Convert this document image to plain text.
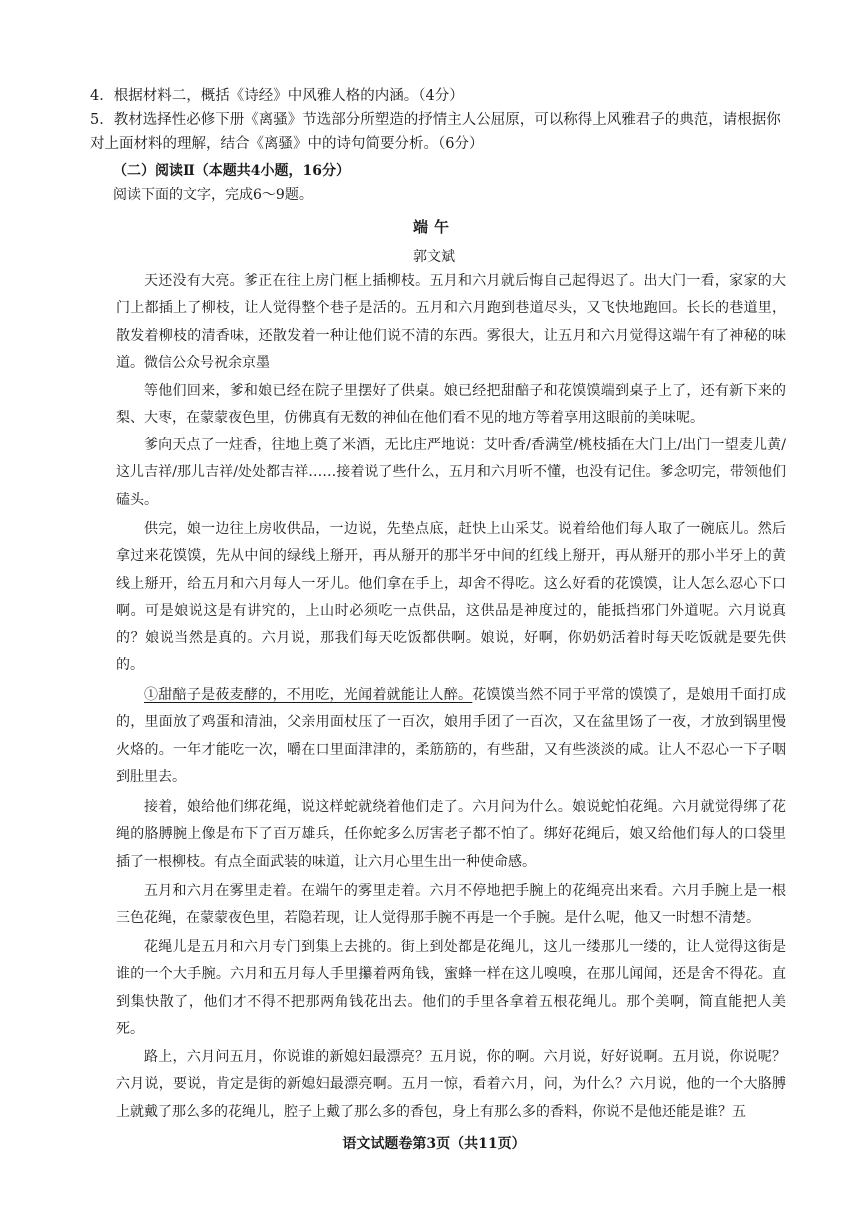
4．根据材料二，概括《诗经》中风雅人格的内涵。（4分）
5．教材选择性必修下册《离骚》节选部分所塑造的抒情主人公屈原，可以称得上风雅君子的典范，请根据你对上面材料的理解，结合《离骚》中的诗句简要分析。（6分）
（二）阅读Ⅱ（本题共4小题，16分）
阅读下面的文字，完成6～9题。
端午
郭文斌
天还没有大亮。爹正在往上房门框上插柳枝。五月和六月就后悔自己起得迟了。出大门一看，家家的大门上都插上了柳枝，让人觉得整个巷子是活的。五月和六月跑到巷道尽头，又飞快地跑回。长长的巷道里，散发着柳枝的清香味，还散发着一种让他们说不清的东西。雾很大，让五月和六月觉得这端午有了神秘的味道。微信公众号祝余京墨
等他们回来，爹和娘已经在院子里摆好了供桌。娘已经把甜醅子和花馍馍端到桌子上了，还有新下来的梨、大枣，在蒙蒙夜色里，仿佛真有无数的神仙在他们看不见的地方等着享用这眼前的美味呢。
爹向天点了一炷香，往地上奠了米酒，无比庄严地说：艾叶香/香满堂/桃枝插在大门上/出门一望麦儿黄/这儿吉祥/那儿吉祥/处处都吉祥……接着说了些什么，五月和六月听不懂，也没有记住。爹念叨完，带领他们磕头。
供完，娘一边往上房收供品，一边说，先垫点底，赶快上山采艾。说着给他们每人取了一碗底儿。然后拿过来花馍馍，先从中间的绿线上掰开，再从掰开的那半牙中间的红线上掰开，再从掰开的那小半牙上的黄线上掰开，给五月和六月每人一牙儿。他们拿在手上，却舍不得吃。这么好看的花馍馍，让人怎么忍心下口啊。可是娘说这是有讲究的，上山时必须吃一点供品，这供品是神度过的，能抵挡邪门外道呢。六月说真的？娘说当然是真的。六月说，那我们每天吃饭都供啊。娘说，好啊，你奶奶活着时每天吃饭就是要先供的。
①甜醅子是莜麦酵的，不用吃，光闻着就能让人醉。花馍馍当然不同于平常的馍馍了，是娘用千面打成的，里面放了鸡蛋和清油，父亲用面杖压了一百次，娘用手团了一百次，又在盆里饧了一夜，才放到锅里慢火烙的。一年才能吃一次，嚼在口里面津津的，柔筋筋的，有些甜，又有些淡淡的咸。让人不忍心一下子咽到肚里去。
接着，娘给他们绑花绳，说这样蛇就绕着他们走了。六月问为什么。娘说蛇怕花绳。六月就觉得绑了花绳的胳膊腕上像是布下了百万雄兵，任你蛇多么厉害老子都不怕了。绑好花绳后，娘又给他们每人的口袋里插了一根柳枝。有点全面武装的味道，让六月心里生出一种使命感。
五月和六月在雾里走着。在端午的雾里走着。六月不停地把手腕上的花绳亮出来看。六月手腕上是一根三色花绳，在蒙蒙夜色里，若隐若现，让人觉得那手腕不再是一个手腕。是什么呢，他又一时想不清楚。
花绳儿是五月和六月专门到集上去挑的。街上到处都是花绳儿，这儿一缕那儿一缕的，让人觉得这街是谁的一个大手腕。六月和五月每人手里攥着两角钱，蜜蜂一样在这儿嗅嗅，在那儿闻闻，还是舍不得花。直到集快散了，他们才不得不把那两角钱花出去。他们的手里各拿着五根花绳儿。那个美啊，简直能把人美死。
路上，六月问五月，你说谁的新媳妇最漂亮？五月说，你的啊。六月说，好好说啊。五月说，你说呢？六月说，要说，肯定是街的新媳妇最漂亮啊。五月一惊，看着六月，问，为什么？六月说，他的一个大胳膊上就戴了那么多的花绳儿，腔子上戴了那么多的香包，身上有那么多的香料，你说不是他还能是谁？五
语文试题卷第3页（共11页）
